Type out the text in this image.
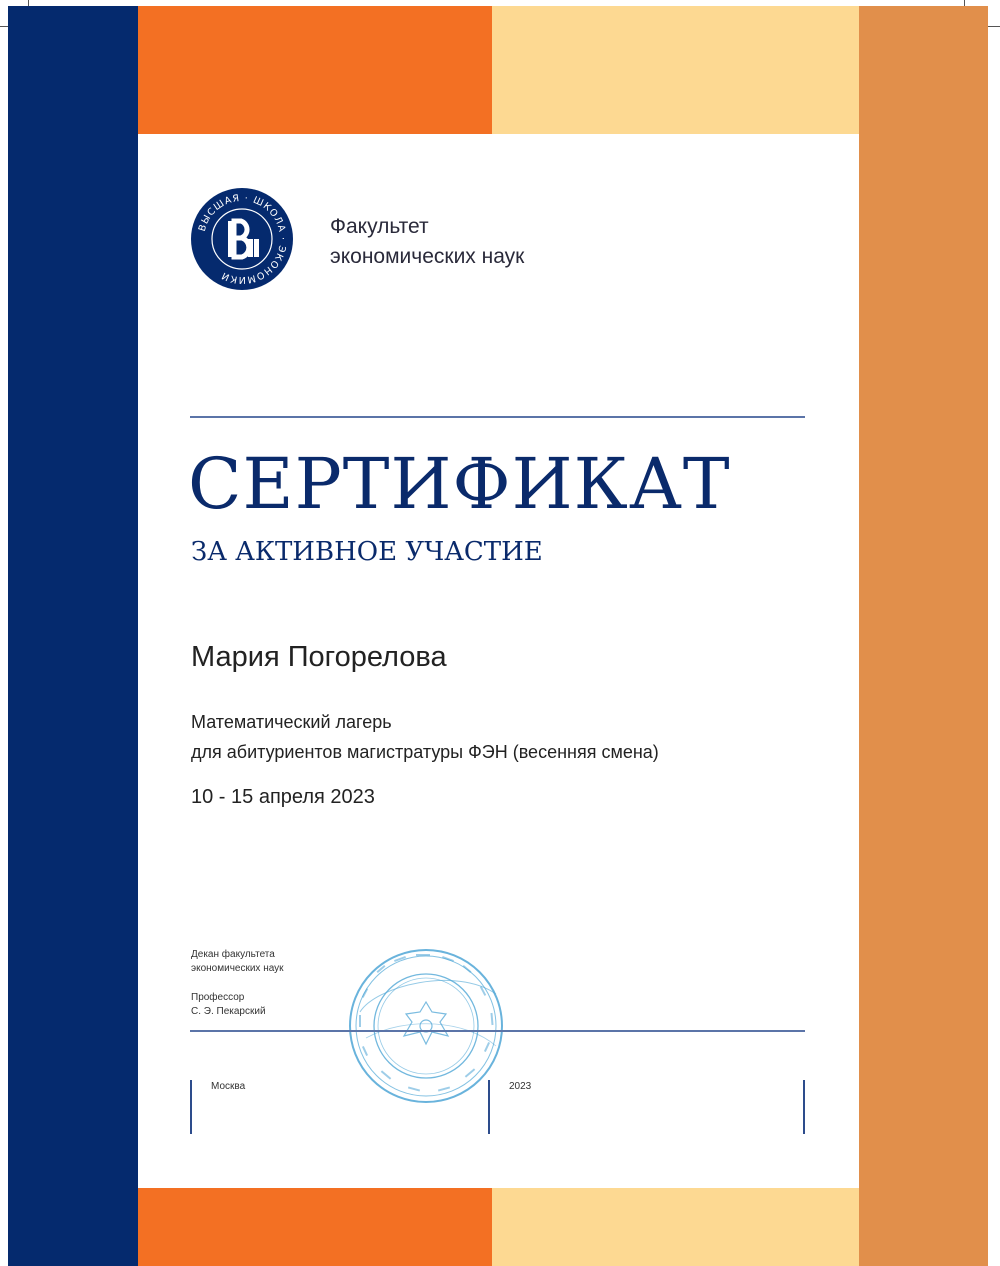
ВЫСШАЯ · ШКОЛА · ЭКОНОМИКИ
Факультет
экономических наук
СЕРТИФИКАТ
ЗА АКТИВНОЕ УЧАСТИЕ
Мария Погорелова
Математический лагерь
для абитуриентов магистратуры ФЭН (весенняя смена)
10 - 15 апреля 2023
Декан факультета
экономических наук
Профессор
С. Э. Пекарский
Москва	2023
